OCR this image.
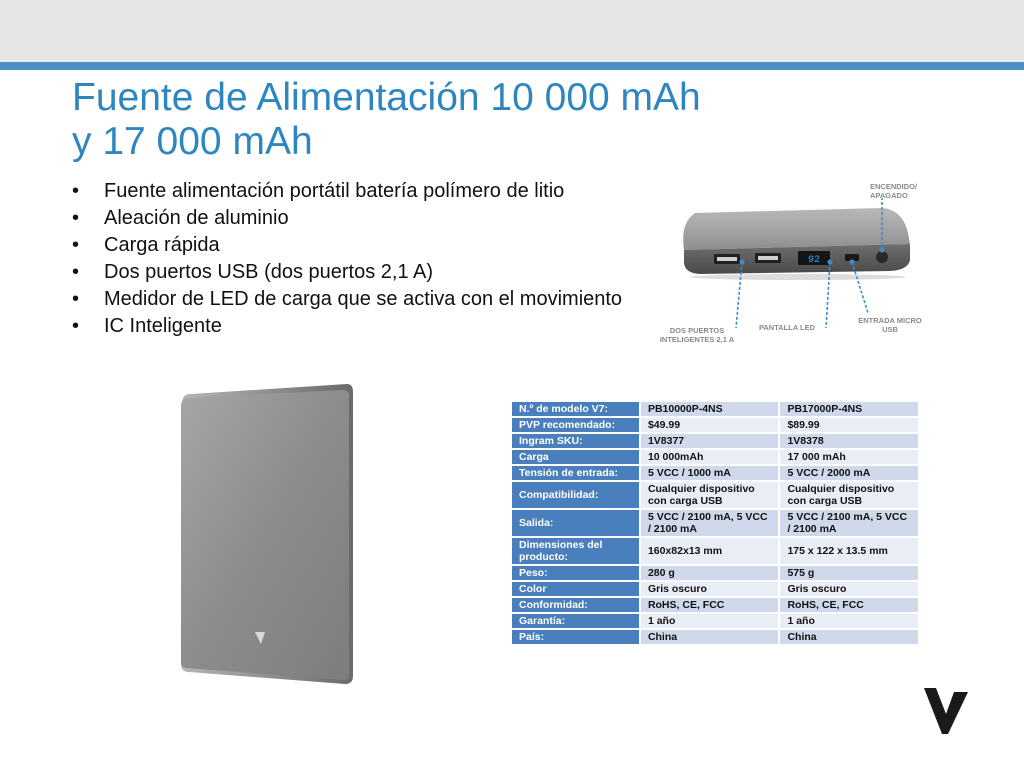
Fuente de Alimentación 10 000 mAh
y 17 000 mAh
• Fuente alimentación portátil batería polímero de litio
• Aleación de aluminio
• Carga rápida
• Dos puertos USB (dos puertos 2,1 A)
• Medidor de LED de carga que se activa con el movimiento
• IC Inteligente
92
ENCENDIDO/ APAGADO
DOS PUERTOS INTELIGENTES 2,1 A
PANTALLA LED
ENTRADA MICRO USB
N.º de modelo V7:	PB10000P-4NS	PB17000P-4NS
PVP recomendado:	$49.99	$89.99
Ingram SKU:	1V8377	1V8378
Carga	10 000mAh	17 000 mAh
Tensión de entrada:	5 VCC / 1000 mA	5 VCC / 2000 mA
Compatibilidad:	Cualquier dispositivo con carga USB	Cualquier dispositivo con carga USB
Salida:	5 VCC / 2100 mA, 5 VCC / 2100 mA	5 VCC / 2100 mA, 5 VCC / 2100 mA
Dimensiones del producto:	160x82x13 mm	175 x 122 x 13.5 mm
Peso:	280 g	575 g
Color	Gris oscuro	Gris oscuro
Conformidad:	RoHS, CE, FCC	RoHS, CE, FCC
Garantía:	1 año	1 año
País:	China	China
